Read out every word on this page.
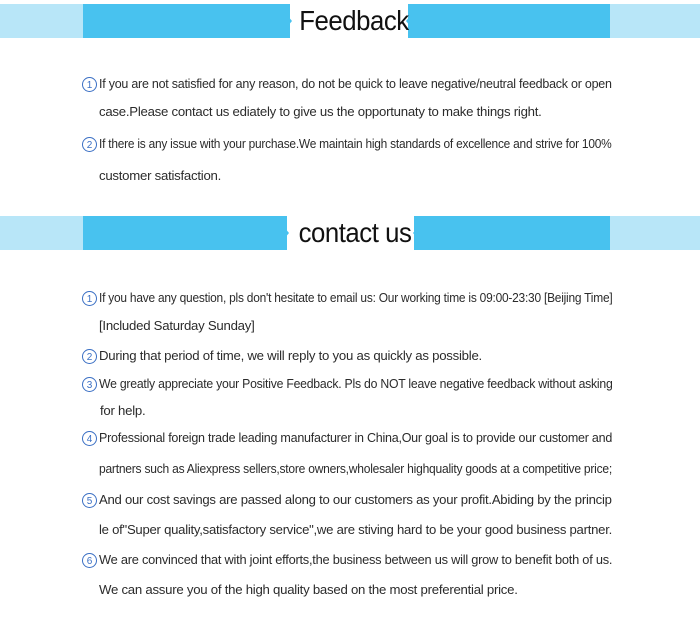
Feedback
1 If you are not satisfied for any reason, do not be quick to leave negative/neutral feedback or open
case.Please contact us ediately to give us the opportunaty to make things right.
2 If there is any issue with your purchase.We maintain high standards of excellence and strive for 100%
customer satisfaction.
contact us
1 If you have any question, pls don't hesitate to email us: Our working time is 09:00-23:30 [Beijing Time]
[Included Saturday Sunday]
2 During that period of time, we will reply to you as quickly as possible.
3 We greatly appreciate your Positive Feedback. Pls do NOT leave negative feedback without asking
for help.
4 Professional foreign trade leading manufacturer in China,Our goal is to provide our customer and
partners such as Aliexpress sellers,store owners,wholesaler highquality goods at a competitive price;
5 And our cost savings are passed along to our customers as your profit.Abiding by the princip
le of"Super quality,satisfactory service",we are stiving hard to be your good business partner.
6 We are convinced that with joint efforts,the business between us will grow to benefit both of us.
We can assure you of the high quality based on the most preferential price.
